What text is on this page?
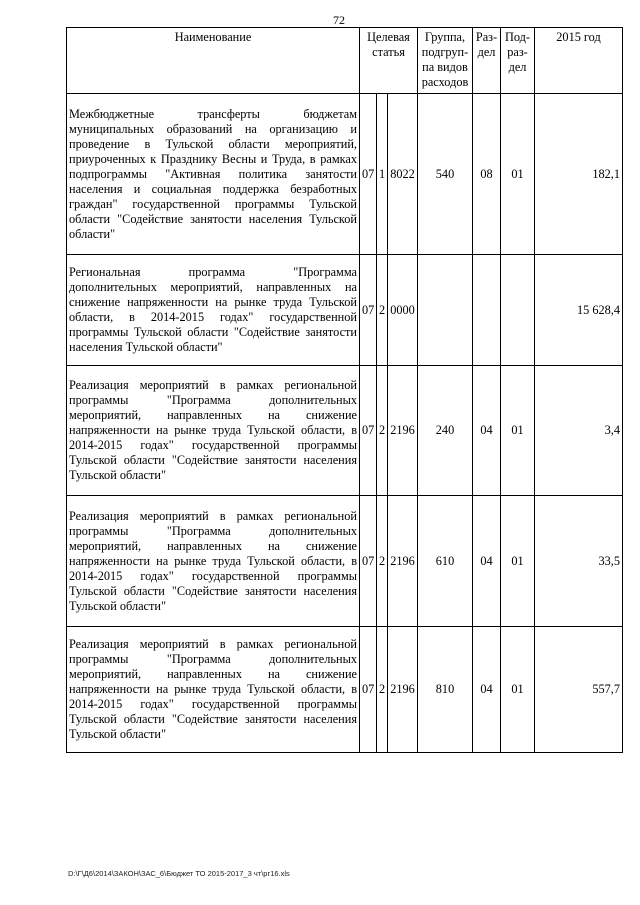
72
Наименование	Целевая статья			Группа, подгруп-па видов расходов	Раз-дел	Под-раз-дел	2015 год
Межбюджетные трансферты бюджетам муниципальных образований на организацию и проведение в Тульской области мероприятий, приуроченных к Празднику Весны и Труда, в рамках подпрограммы "Активная политика занятости населения и социальная поддержка безработных граждан" государственной программы Тульской области "Содействие занятости населения Тульской области"	07	1	8022	540	08	01	182,1
Региональная программа "Программа дополнительных мероприятий, направленных на снижение напряженности на рынке труда Тульской области, в 2014-2015 годах" государственной программы Тульской области "Содействие занятости населения Тульской области"	07	2	0000				15 628,4
Реализация мероприятий в рамках региональной программы "Программа дополнительных мероприятий, направленных на снижение напряженности на рынке труда Тульской области, в 2014-2015 годах" государственной программы Тульской области "Содействие занятости населения Тульской области"	07	2	2196	240	04	01	3,4
Реализация мероприятий в рамках региональной программы "Программа дополнительных мероприятий, направленных на снижение напряженности на рынке труда Тульской области, в 2014-2015 годах" государственной программы Тульской области "Содействие занятости населения Тульской области"	07	2	2196	610	04	01	33,5
Реализация мероприятий в рамках региональной программы "Программа дополнительных мероприятий, направленных на снижение напряженности на рынке труда Тульской области, в 2014-2015 годах" государственной программы Тульской области "Содействие занятости населения Тульской области"	07	2	2196	810	04	01	557,7
D:\Г\Д6\2014\ЗАКОН\ЗАС_6\Бюджет ТО 2015-2017_3 чт\рг16.xls
